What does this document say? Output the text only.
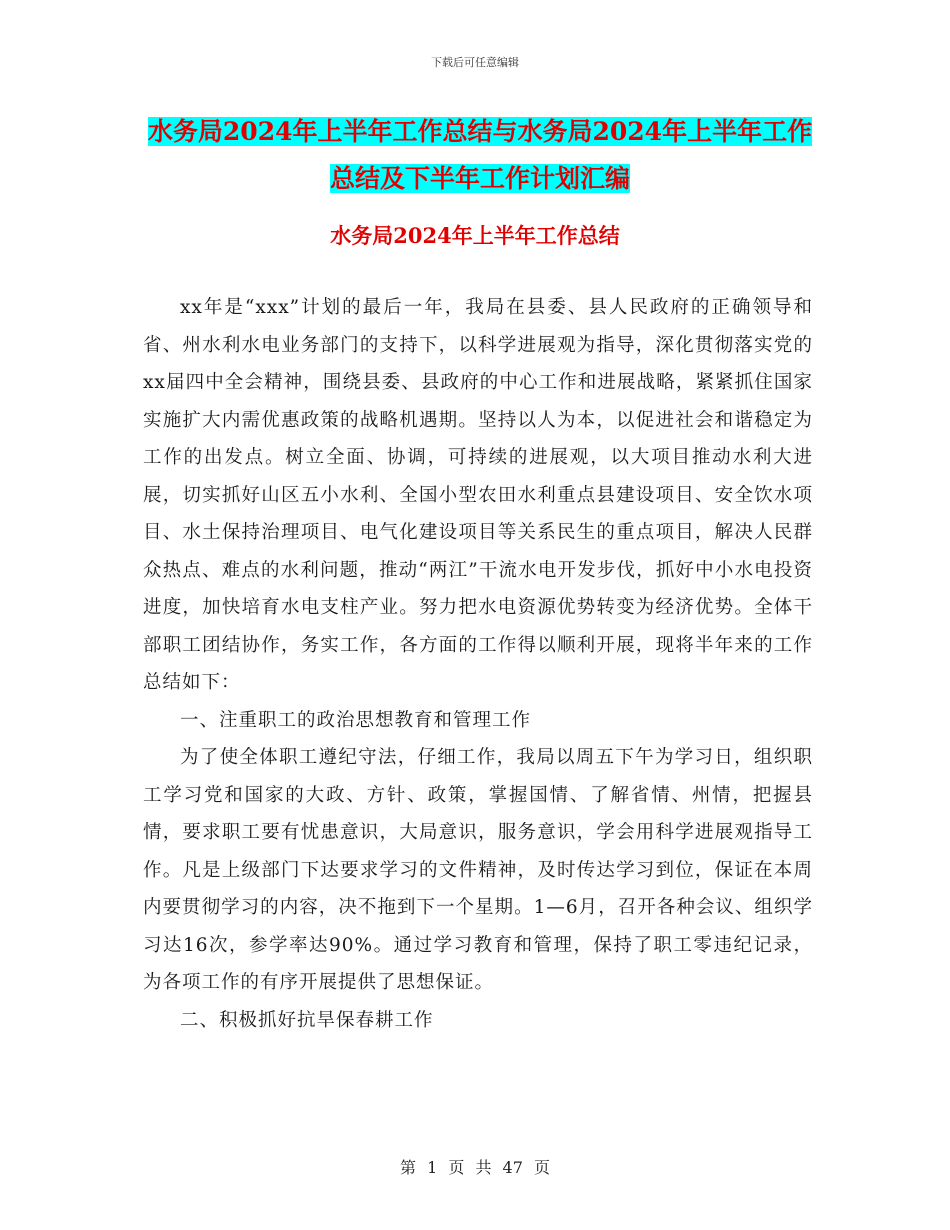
下载后可任意编辑
水务局2024年上半年工作总结与水务局2024年上半年工作总结及下半年工作计划汇编
水务局2024年上半年工作总结

xx年是“xxx”计划的最后一年，我局在县委、县人民政府的正确领导和省、州水利水电业务部门的支持下，以科学进展观为指导，深化贯彻落实党的xx届四中全会精神，围绕县委、县政府的中心工作和进展战略，紧紧抓住国家实施扩大内需优惠政策的战略机遇期。坚持以人为本，以促进社会和谐稳定为工作的出发点。树立全面、协调，可持续的进展观，以大项目推动水利大进展，切实抓好山区五小水利、全国小型农田水利重点县建设项目、安全饮水项目、水土保持治理项目、电气化建设项目等关系民生的重点项目，解决人民群众热点、难点的水利问题，推动“两江”干流水电开发步伐，抓好中小水电投资进度，加快培育水电支柱产业。努力把水电资源优势转变为经济优势。全体干部职工团结协作，务实工作，各方面的工作得以顺利开展，现将半年来的工作总结如下：

一、注重职工的政治思想教育和管理工作

为了使全体职工遵纪守法，仔细工作，我局以周五下午为学习日，组织职工学习党和国家的大政、方针、政策，掌握国情、了解省情、州情，把握县情，要求职工要有忧患意识，大局意识，服务意识，学会用科学进展观指导工作。凡是上级部门下达要求学习的文件精神，及时传达学习到位，保证在本周内要贯彻学习的内容，决不拖到下一个星期。1—6月，召开各种会议、组织学习达16次，参学率达90%。通过学习教育和管理，保持了职工零违纪记录，为各项工作的有序开展提供了思想保证。

二、积极抓好抗旱保春耕工作

第 1 页 共 47 页
